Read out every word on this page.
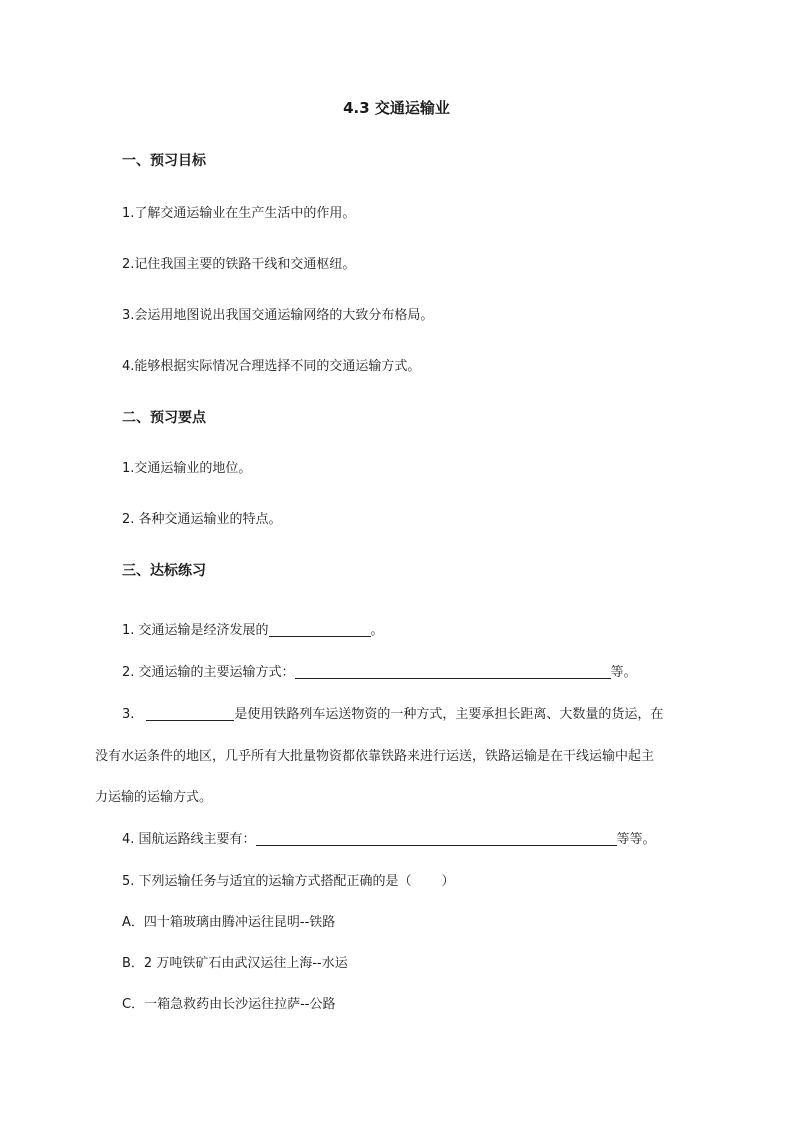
4.3 交通运输业
一、预习目标
1.了解交通运输业在生产生活中的作用。
2.记住我国主要的铁路干线和交通枢纽。
3.会运用地图说出我国交通运输网络的大致分布格局。
4.能够根据实际情况合理选择不同的交通运输方式。
二、预习要点
1.交通运输业的地位。
2. 各种交通运输业的特点。
三、达标练习
1. 交通运输是经济发展的	。
2. 交通运输的主要运输方式：	等。
3.	是使用铁路列车运送物资的一种方式，主要承担长距离、大数量的货运，在
没有水运条件的地区，几乎所有大批量物资都依靠铁路来进行运送，铁路运输是在干线运输中起主
力运输的运输方式。
4. 国航运路线主要有：	等等。
5. 下列运输任务与适宜的运输方式搭配正确的是（ ）
A．四十箱玻璃由腾冲运往昆明--铁路
B．2 万吨铁矿石由武汉运往上海--水运
C．一箱急救药由长沙运往拉萨--公路
